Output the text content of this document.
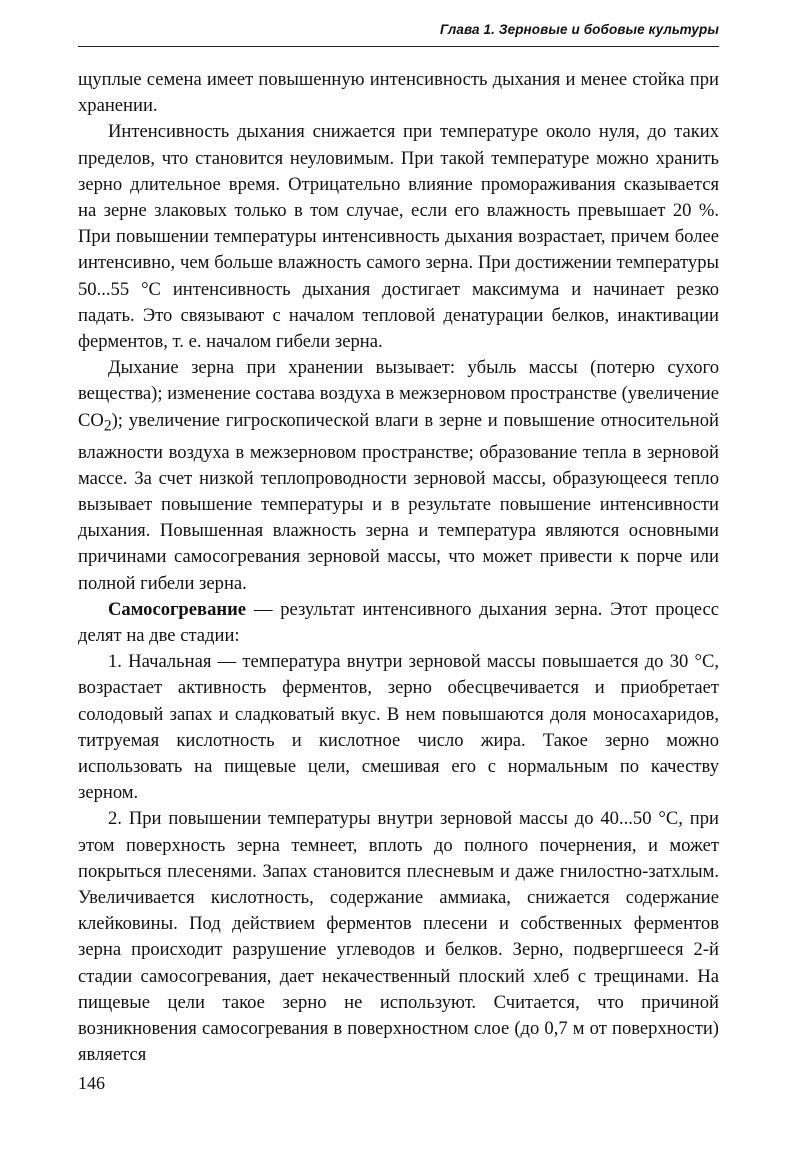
Глава 1. Зерновые и бобовые культуры

щуплые семена имеет повышенную интенсивность дыхания и менее стойка при хранении.

Интенсивность дыхания снижается при температуре около нуля, до таких пределов, что становится неуловимым. При такой температуре можно хранить зерно длительное время. Отрицательно влияние промораживания сказывается на зерне злаковых только в том случае, если его влажность превышает 20 %. При повышении температуры интенсивность дыхания возрастает, причем более интенсивно, чем больше влажность самого зерна. При достижении температуры 50...55 °С интенсивность дыхания достигает максимума и начинает резко падать. Это связывают с началом тепловой денатурации белков, инактивации ферментов, т. е. началом гибели зерна.

Дыхание зерна при хранении вызывает: убыль массы (потерю сухого вещества); изменение состава воздуха в межзерновом пространстве (увеличение $CO_2$); увеличение гигроскопической влаги в зерне и повышение относительной влажности воздуха в межзерновом пространстве; образование тепла в зерновой массе. За счет низкой теплопроводности зерновой массы, образующееся тепло вызывает повышение температуры и в результате повышение интенсивности дыхания. Повышенная влажность зерна и температура являются основными причинами самосогревания зерновой массы, что может привести к порче или полной гибели зерна.

Самосогревание — результат интенсивного дыхания зерна. Этот процесс делят на две стадии:

1. Начальная — температура внутри зерновой массы повышается до 30 °С, возрастает активность ферментов, зерно обесцвечивается и приобретает солодовый запах и сладковатый вкус. В нем повышаются доля моносахаридов, титруемая кислотность и кислотное число жира. Такое зерно можно использовать на пищевые цели, смешивая его с нормальным по качеству зерном.

2. При повышении температуры внутри зерновой массы до 40...50 °С, при этом поверхность зерна темнеет, вплоть до полного почернения, и может покрыться плесенями. Запах становится плесневым и даже гнилостно-затхлым. Увеличивается кислотность, содержание аммиака, снижается содержание клейковины. Под действием ферментов плесени и собственных ферментов зерна происходит разрушение углеводов и белков. Зерно, подвергшееся 2-й стадии самосогревания, дает некачественный плоский хлеб с трещинами. На пищевые цели такое зерно не используют. Считается, что причиной возникновения самосогревания в поверхностном слое (до 0,7 м от поверхности) является

146
